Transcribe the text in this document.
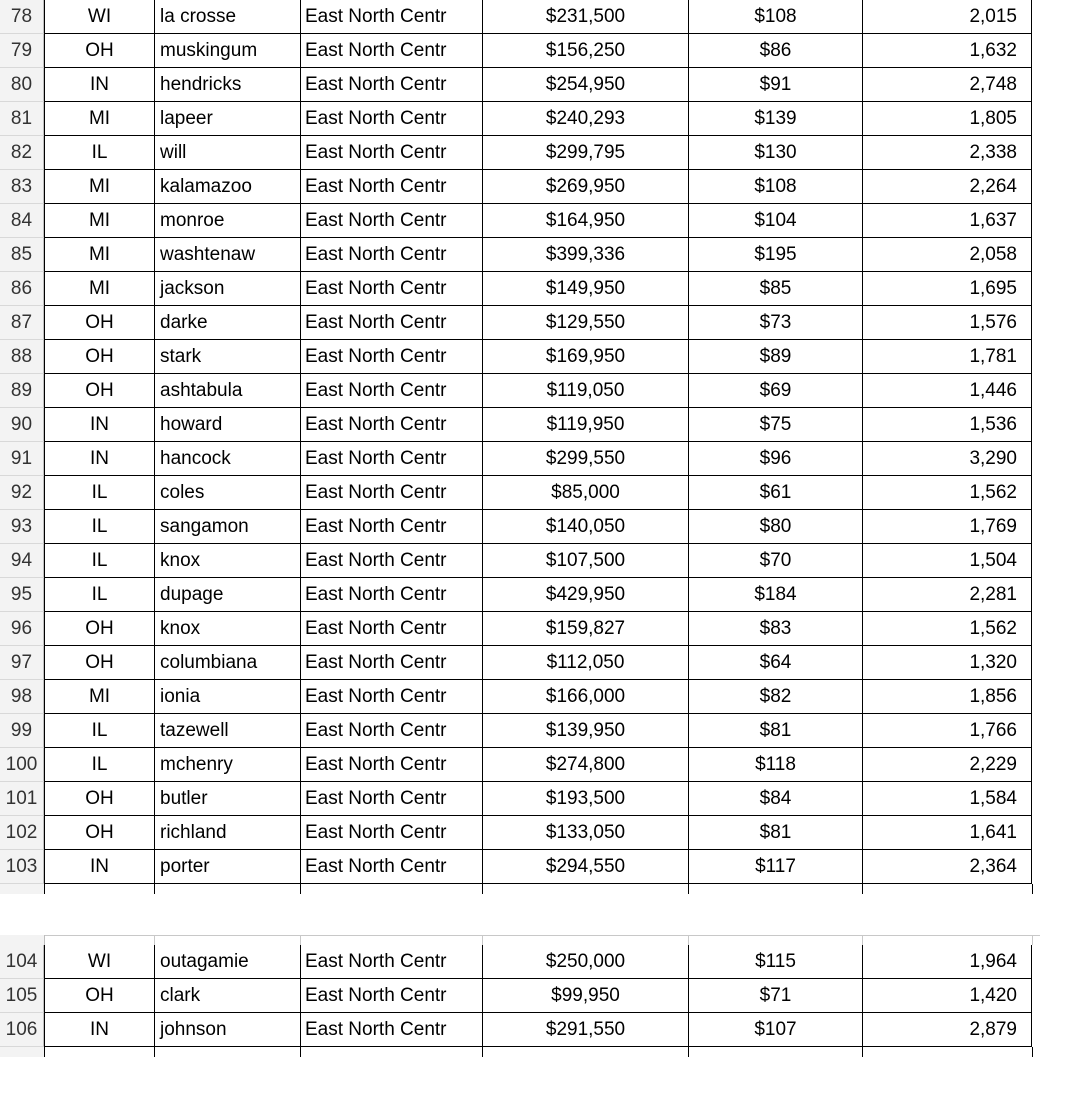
78	WI	la crosse	East North Centr	$231,500	$108	2,015
79	OH	muskingum	East North Centr	$156,250	$86	1,632
80	IN	hendricks	East North Centr	$254,950	$91	2,748
81	MI	lapeer	East North Centr	$240,293	$139	1,805
82	IL	will	East North Centr	$299,795	$130	2,338
83	MI	kalamazoo	East North Centr	$269,950	$108	2,264
84	MI	monroe	East North Centr	$164,950	$104	1,637
85	MI	washtenaw	East North Centr	$399,336	$195	2,058
86	MI	jackson	East North Centr	$149,950	$85	1,695
87	OH	darke	East North Centr	$129,550	$73	1,576
88	OH	stark	East North Centr	$169,950	$89	1,781
89	OH	ashtabula	East North Centr	$119,050	$69	1,446
90	IN	howard	East North Centr	$119,950	$75	1,536
91	IN	hancock	East North Centr	$299,550	$96	3,290
92	IL	coles	East North Centr	$85,000	$61	1,562
93	IL	sangamon	East North Centr	$140,050	$80	1,769
94	IL	knox	East North Centr	$107,500	$70	1,504
95	IL	dupage	East North Centr	$429,950	$184	2,281
96	OH	knox	East North Centr	$159,827	$83	1,562
97	OH	columbiana	East North Centr	$112,050	$64	1,320
98	MI	ionia	East North Centr	$166,000	$82	1,856
99	IL	tazewell	East North Centr	$139,950	$81	1,766
100	IL	mchenry	East North Centr	$274,800	$118	2,229
101	OH	butler	East North Centr	$193,500	$84	1,584
102	OH	richland	East North Centr	$133,050	$81	1,641
103	IN	porter	East North Centr	$294,550	$117	2,364
104	WI	outagamie	East North Centr	$250,000	$115	1,964
105	OH	clark	East North Centr	$99,950	$71	1,420
106	IN	johnson	East North Centr	$291,550	$107	2,879
